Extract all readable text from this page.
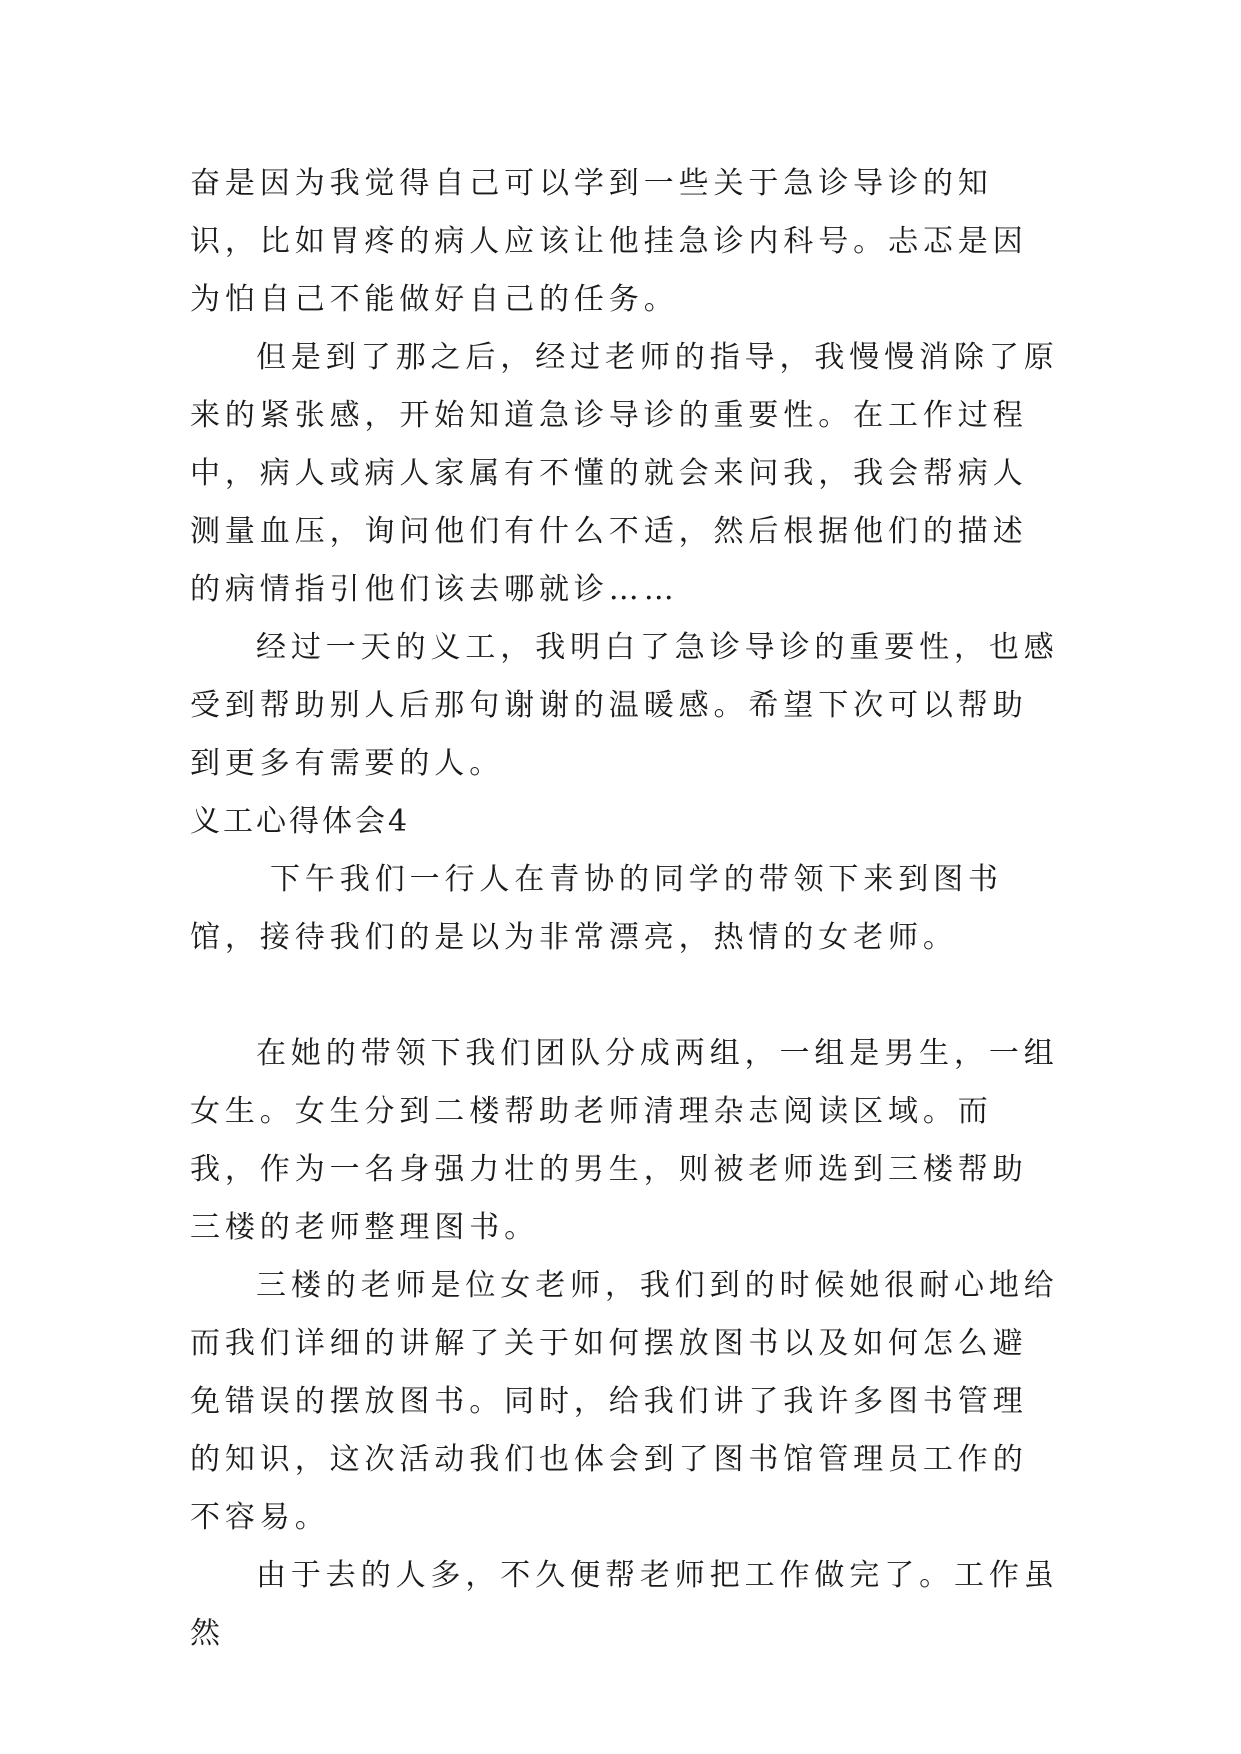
奋是因为我觉得自己可以学到一些关于急诊导诊的知识，比如胃疼的病人应该让他挂急诊内科号。忐忑是因为怕自己不能做好自己的任务。

但是到了那之后，经过老师的指导，我慢慢消除了原来的紧张感，开始知道急诊导诊的重要性。在工作过程中，病人或病人家属有不懂的就会来问我，我会帮病人测量血压，询问他们有什么不适，然后根据他们的描述的病情指引他们该去哪就诊……

经过一天的义工，我明白了急诊导诊的重要性，也感受到帮助别人后那句谢谢的温暖感。希望下次可以帮助到更多有需要的人。

义工心得体会4

下午我们一行人在青协的同学的带领下来到图书馆，接待我们的是以为非常漂亮，热情的女老师。

在她的带领下我们团队分成两组，一组是男生，一组女生。女生分到二楼帮助老师清理杂志阅读区域。而我，作为一名身强力壮的男生，则被老师选到三楼帮助三楼的老师整理图书。

三楼的老师是位女老师，我们到的时候她很耐心地给而我们详细的讲解了关于如何摆放图书以及如何怎么避免错误的摆放图书。同时，给我们讲了我许多图书管理的知识，这次活动我们也体会到了图书馆管理员工作的不容易。

由于去的人多，不久便帮老师把工作做完了。工作虽然
